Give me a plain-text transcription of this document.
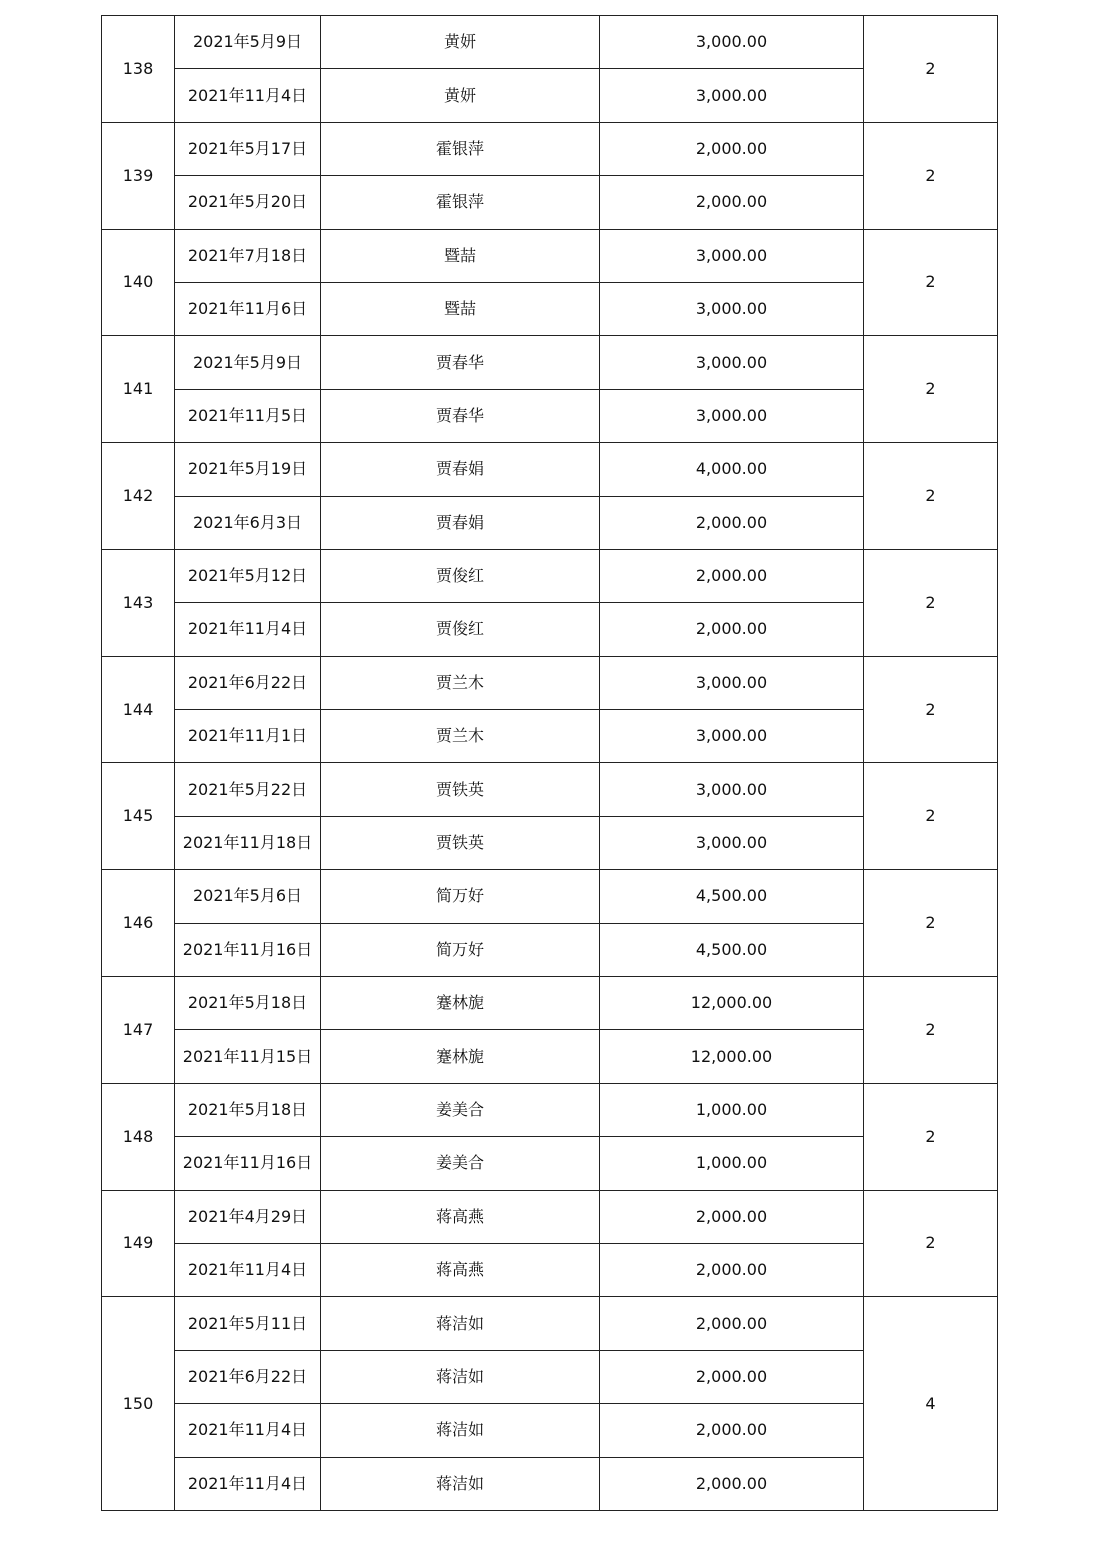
138	2021年5月9日	黄妍	3,000.00	2
	2021年11月4日	黄妍	3,000.00	
139	2021年5月17日	霍银萍	2,000.00	2
	2021年5月20日	霍银萍	2,000.00	
140	2021年7月18日	暨喆	3,000.00	2
	2021年11月6日	暨喆	3,000.00	
141	2021年5月9日	贾春华	3,000.00	2
	2021年11月5日	贾春华	3,000.00	
142	2021年5月19日	贾春娟	4,000.00	2
	2021年6月3日	贾春娟	2,000.00	
143	2021年5月12日	贾俊红	2,000.00	2
	2021年11月4日	贾俊红	2,000.00	
144	2021年6月22日	贾兰木	3,000.00	2
	2021年11月1日	贾兰木	3,000.00	
145	2021年5月22日	贾铁英	3,000.00	2
	2021年11月18日	贾铁英	3,000.00	
146	2021年5月6日	简万好	4,500.00	2
	2021年11月16日	简万好	4,500.00	
147	2021年5月18日	蹇林旎	12,000.00	2
	2021年11月15日	蹇林旎	12,000.00	
148	2021年5月18日	姜美合	1,000.00	2
	2021年11月16日	姜美合	1,000.00	
149	2021年4月29日	蒋高燕	2,000.00	2
	2021年11月4日	蒋高燕	2,000.00	
150	2021年5月11日	蒋洁如	2,000.00	4
	2021年6月22日	蒋洁如	2,000.00	
	2021年11月4日	蒋洁如	2,000.00	
	2021年11月4日	蒋洁如	2,000.00	
